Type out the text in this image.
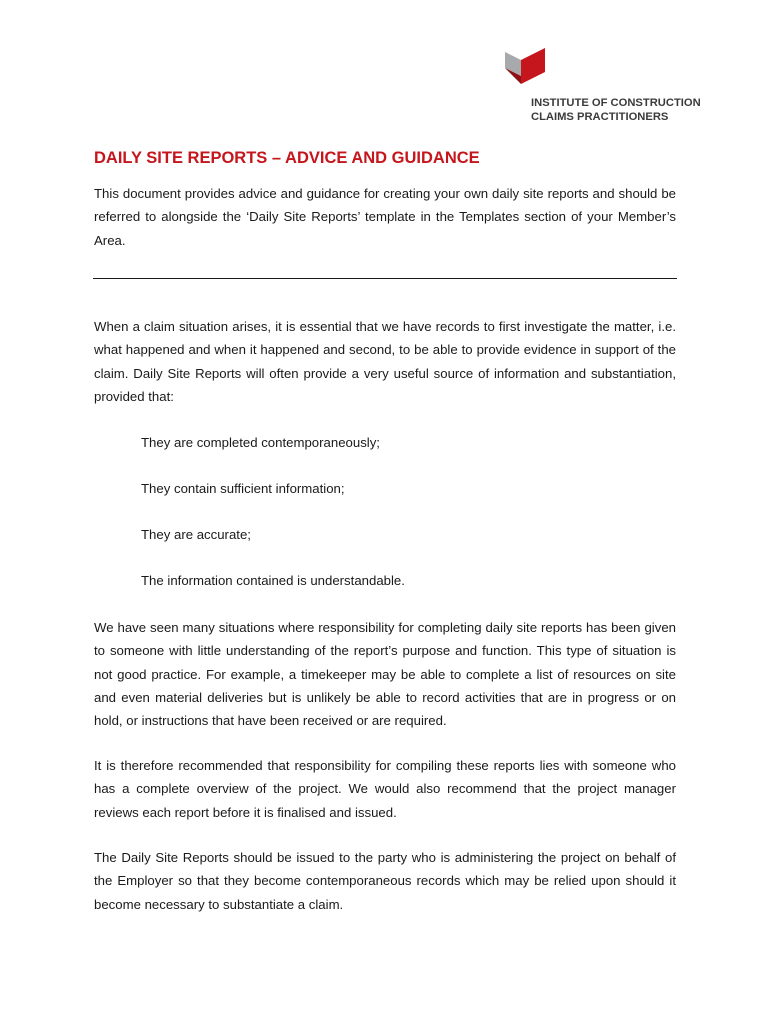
INSTITUTE OF CONSTRUCTION
CLAIMS PRACTITIONERS
DAILY SITE REPORTS – ADVICE AND GUIDANCE

This document provides advice and guidance for creating your own daily site reports and should be referred to alongside the ‘Daily Site Reports’ template in the Templates section of your Member’s Area.

When a claim situation arises, it is essential that we have records to first investigate the matter, i.e. what happened and when it happened and second, to be able to provide evidence in support of the claim. Daily Site Reports will often provide a very useful source of information and substantiation, provided that:

They are completed contemporaneously;
They contain sufficient information;
They are accurate;
The information contained is understandable.

We have seen many situations where responsibility for completing daily site reports has been given to someone with little understanding of the report’s purpose and function. This type of situation is not good practice. For example, a timekeeper may be able to complete a list of resources on site and even material deliveries but is unlikely be able to record activities that are in progress or on hold, or instructions that have been received or are required.

It is therefore recommended that responsibility for compiling these reports lies with someone who has a complete overview of the project. We would also recommend that the project manager reviews each report before it is finalised and issued.

The Daily Site Reports should be issued to the party who is administering the project on behalf of the Employer so that they become contemporaneous records which may be relied upon should it become necessary to substantiate a claim.
